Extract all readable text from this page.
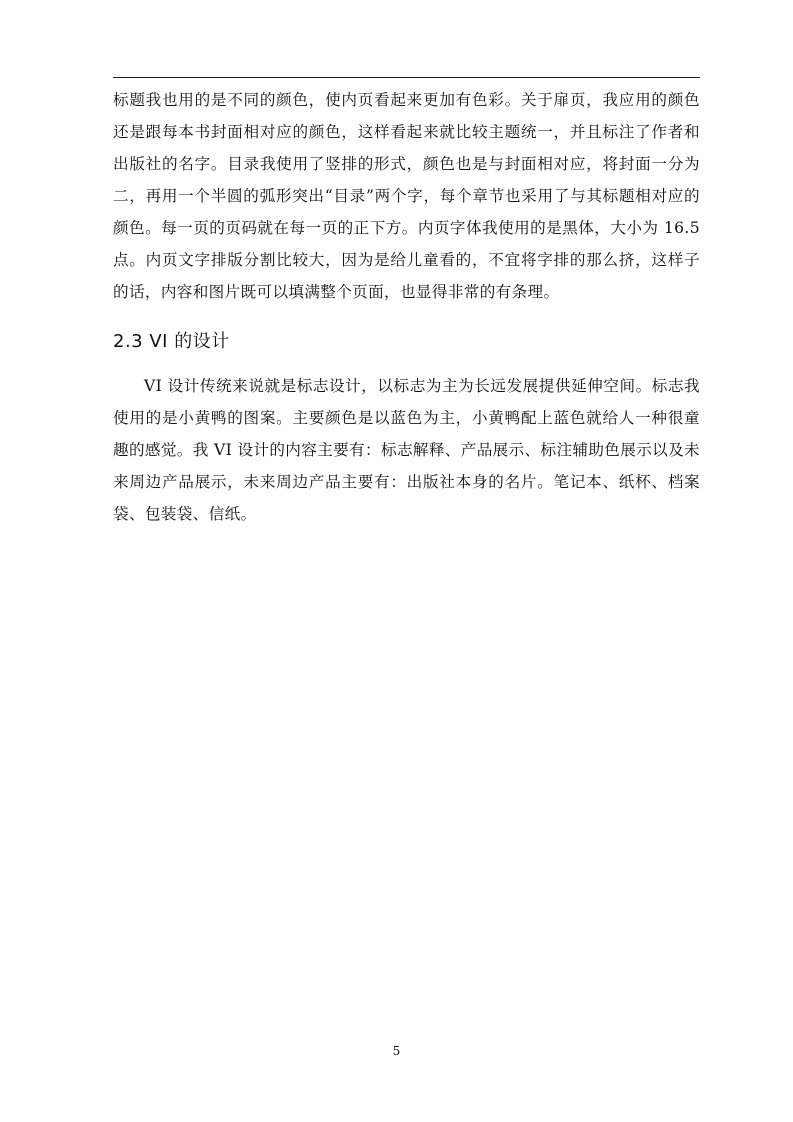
标题我也用的是不同的颜色，使内页看起来更加有色彩。关于扉页，我应用的颜色还是跟每本书封面相对应的颜色，这样看起来就比较主题统一，并且标注了作者和出版社的名字。目录我使用了竖排的形式，颜色也是与封面相对应，将封面一分为二，再用一个半圆的弧形突出“目录”两个字，每个章节也采用了与其标题相对应的颜色。每一页的页码就在每一页的正下方。内页字体我使用的是黑体，大小为 16.5 点。内页文字排版分割比较大，因为是给儿童看的，不宜将字排的那么挤，这样子的话，内容和图片既可以填满整个页面，也显得非常的有条理。

2.3 VI 的设计

VI 设计传统来说就是标志设计，以标志为主为长远发展提供延伸空间。标志我使用的是小黄鸭的图案。主要颜色是以蓝色为主，小黄鸭配上蓝色就给人一种很童趣的感觉。我 VI 设计的内容主要有：标志解释、产品展示、标注辅助色展示以及未来周边产品展示，未来周边产品主要有：出版社本身的名片。笔记本、纸杯、档案袋、包装袋、信纸。

5
